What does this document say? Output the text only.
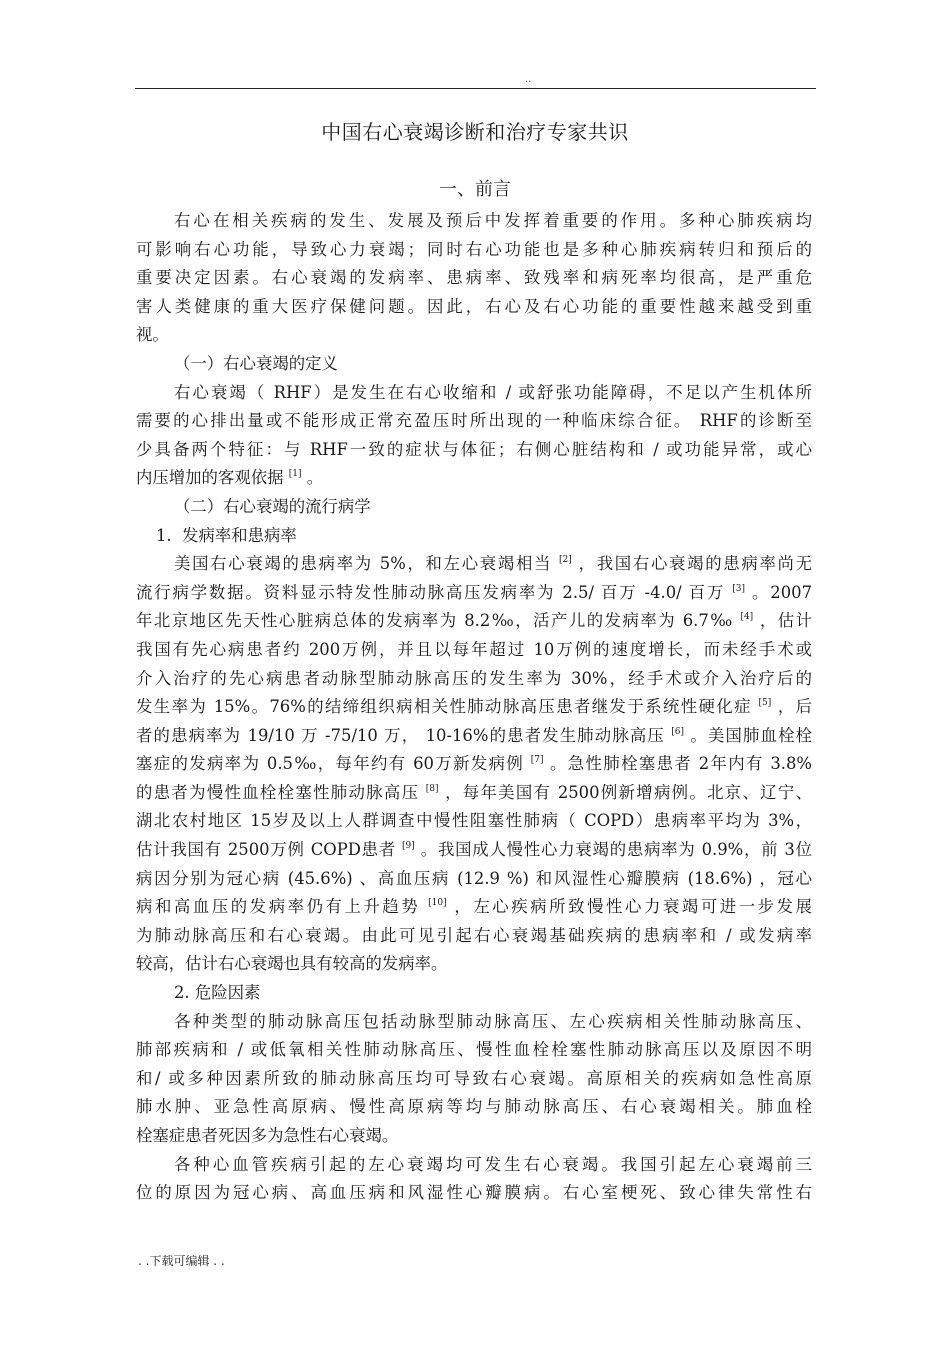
..
中国右心衰竭诊断和治疗专家共识
一、前言
右心在相关疾病的发生、发展及预后中发挥着重要的作用。多种心肺疾病均
可影响右心功能，导致心力衰竭；同时右心功能也是多种心肺疾病转归和预后的
重要决定因素。右心衰竭的发病率、患病率、致残率和病死率均很高，是严重危
害人类健康的重大医疗保健问题。因此，右心及右心功能的重要性越来越受到重
视。
（一）右心衰竭的定义
右心衰竭（ RHF）是发生在右心收缩和 / 或舒张功能障碍，不足以产生机体所
需要的心排出量或不能形成正常充盈压时所出现的一种临床综合征。 RHF的诊断至
少具备两个特征：与 RHF一致的症状与体征；右侧心脏结构和 / 或功能异常，或心
内压增加的客观依据 [1] 。
（二）右心衰竭的流行病学
1.  发病率和患病率
美国右心衰竭的患病率为 5%，和左心衰竭相当 [2] ，我国右心衰竭的患病率尚无
流行病学数据。资料显示特发性肺动脉高压发病率为 2.5/ 百万 -4.0/ 百万 [3] 。2007
年北京地区先天性心脏病总体的发病率为 8.2‰，活产儿的发病率为 6.7‰ [4] ，估计
我国有先心病患者约 200万例，并且以每年超过 10万例的速度增长，而未经手术或
介入治疗的先心病患者动脉型肺动脉高压的发生率为 30%，经手术或介入治疗后的
发生率为 15%。76%的结缔组织病相关性肺动脉高压患者继发于系统性硬化症 [5] ，后
者的患病率为 19/10 万 -75/10 万， 10-16%的患者发生肺动脉高压 [6] 。美国肺血栓栓
塞症的发病率为 0.5‰，每年约有 60万新发病例 [7] 。急性肺栓塞患者 2年内有 3.8%
的患者为慢性血栓栓塞性肺动脉高压 [8] ，每年美国有 2500例新增病例。北京、辽宁、
湖北农村地区 15岁及以上人群调查中慢性阻塞性肺病（ COPD）患病率平均为 3%，
估计我国有 2500万例 COPD患者 [9] 。我国成人慢性心力衰竭的患病率为 0.9%，前 3位
病因分别为冠心病 (45.6%) 、高血压病 (12.9 %) 和风湿性心瓣膜病 (18.6%) ，冠心
病和高血压的发病率仍有上升趋势 [10] ，左心疾病所致慢性心力衰竭可进一步发展
为肺动脉高压和右心衰竭。由此可见引起右心衰竭基础疾病的患病率和 / 或发病率
较高，估计右心衰竭也具有较高的发病率。
2. 危险因素
各种类型的肺动脉高压包括动脉型肺动脉高压、左心疾病相关性肺动脉高压、
肺部疾病和 / 或低氧相关性肺动脉高压、慢性血栓栓塞性肺动脉高压以及原因不明
和/ 或多种因素所致的肺动脉高压均可导致右心衰竭。高原相关的疾病如急性高原
肺水肿、亚急性高原病、慢性高原病等均与肺动脉高压、右心衰竭相关。肺血栓
栓塞症患者死因多为急性右心衰竭。
各种心血管疾病引起的左心衰竭均可发生右心衰竭。我国引起左心衰竭前三
位的原因为冠心病、高血压病和风湿性心瓣膜病。右心室梗死、致心律失常性右
. .下载可编辑 . .
